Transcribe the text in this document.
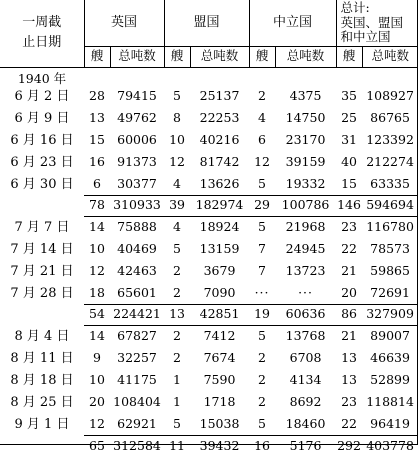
一周截
止日期	英国		盟国		中立国		总计:
英国、盟国
和中立国	
	艘	总吨数	艘	总吨数	艘	总吨数	艘	总吨数
1940 年								
6 月 2 日	28	79415	5	25137	2	4375	35	108927
6 月 9 日	13	49762	8	22253	4	14750	25	86765
6 月 16 日	15	60006	10	40216	6	23170	31	123392
6 月 23 日	16	91373	12	81742	12	39159	40	212274
6 月 30 日	6	30377	4	13626	5	19332	15	63335
	78	310933	39	182974	29	100786	146	594694
7 月 7 日	14	75888	4	18924	5	21968	23	116780
7 月 14 日	10	40469	5	13159	7	24945	22	78573
7 月 21 日	12	42463	2	3679	7	13723	21	59865
7 月 28 日	18	65601	2	7090	···	···	20	72691
	54	224421	13	42851	19	60636	86	327909
8 月 4 日	14	67827	2	7412	5	13768	21	89007
8 月 11 日	9	32257	2	7674	2	6708	13	46639
8 月 18 日	10	41175	1	7590	2	4134	13	52899
8 月 25 日	20	108404	1	1718	2	8692	23	118814
9 月 1 日	12	62921	5	15038	5	18460	22	96419
	65	312584	11	39432	16	5176	292	403778
